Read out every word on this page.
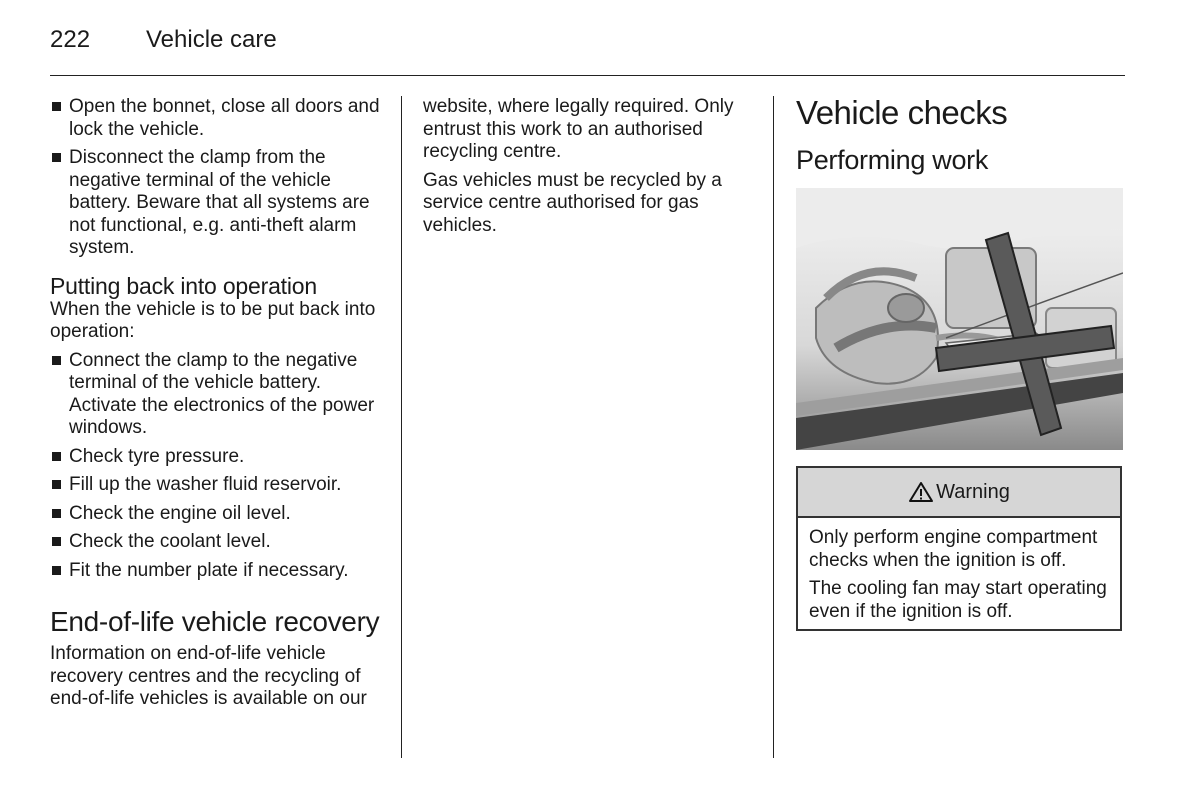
222 Vehicle care
Open the bonnet, close all doors and lock the vehicle.
Disconnect the clamp from the negative terminal of the vehicle battery. Beware that all systems are not functional, e.g. anti-theft alarm system.
Putting back into operation

When the vehicle is to be put back into operation:

Connect the clamp to the negative terminal of the vehicle battery. Activate the electronics of the power windows.
Check tyre pressure.
Fill up the washer fluid reservoir.
Check the engine oil level.
Check the coolant level.
Fit the number plate if necessary.
End-of-life vehicle recovery

Information on end-of-life vehicle recovery centres and the recycling of end-of-life vehicles is available on our

website, where legally required. Only entrust this work to an authorised recycling centre.

Gas vehicles must be recycled by a service centre authorised for gas vehicles.

Vehicle checks
Performing work
Warning

Only perform engine compartment checks when the ignition is off.

The cooling fan may start operating even if the ignition is off.
